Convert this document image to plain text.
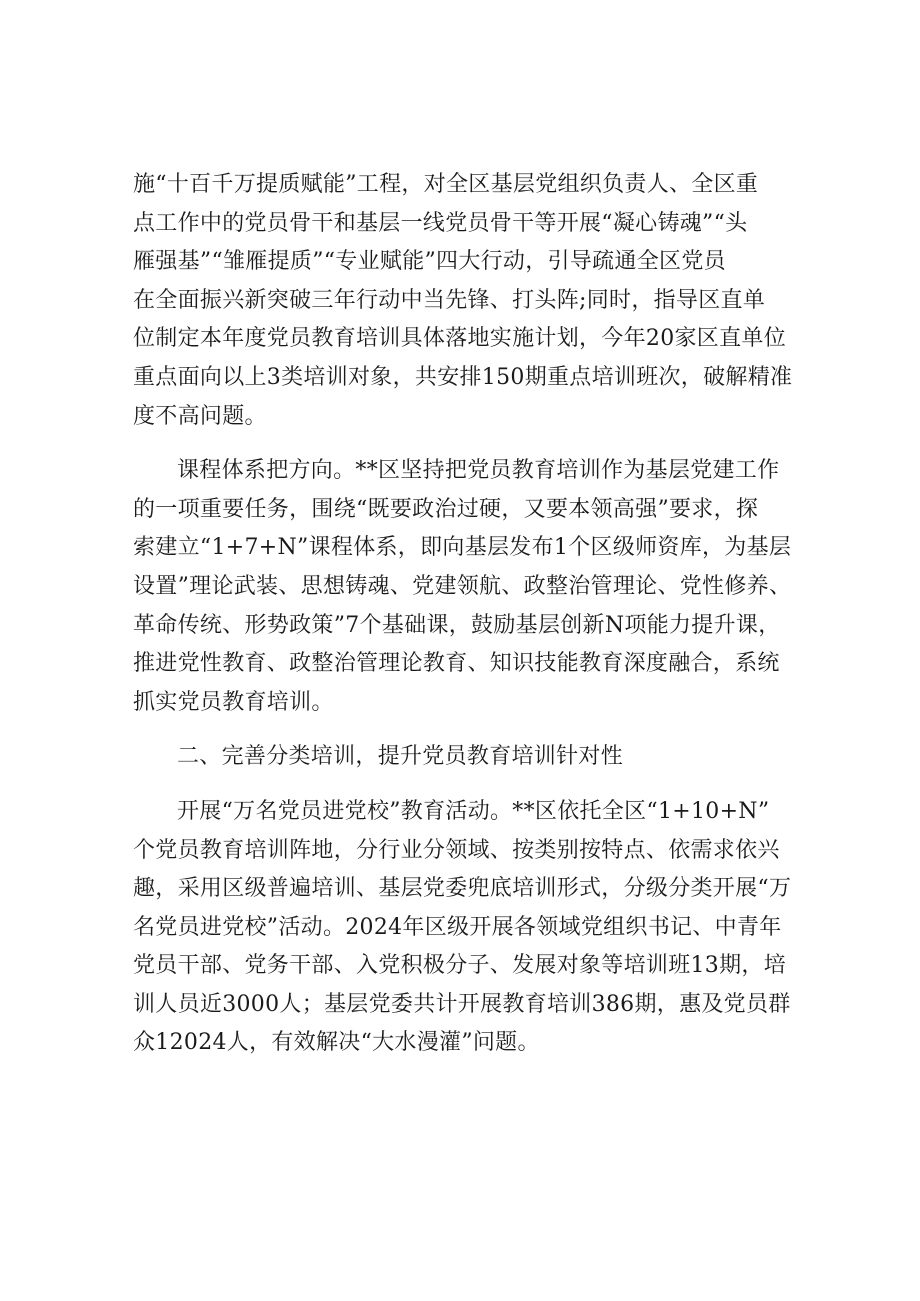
施“十百千万提质赋能”工程，对全区基层党组织负责人、全区重
点工作中的党员骨干和基层一线党员骨干等开展“凝心铸魂”“头
雁强基”“雏雁提质”“专业赋能”四大行动，引导疏通全区党员
在全面振兴新突破三年行动中当先锋、打头阵;同时，指导区直单
位制定本年度党员教育培训具体落地实施计划，今年20家区直单位
重点面向以上3类培训对象，共安排150期重点培训班次，破解精准
度不高问题。
课程体系把方向。**区坚持把党员教育培训作为基层党建工作
的一项重要任务，围绕“既要政治过硬，又要本领高强”要求，探
索建立“1+7+N”课程体系，即向基层发布1个区级师资库，为基层
设置”理论武装、思想铸魂、党建领航、政整治管理论、党性修养、
革命传统、形势政策”7个基础课，鼓励基层创新N项能力提升课，
推进党性教育、政整治管理论教育、知识技能教育深度融合，系统
抓实党员教育培训。
二、完善分类培训，提升党员教育培训针对性
开展“万名党员进党校”教育活动。**区依托全区“1+10+N”
个党员教育培训阵地，分行业分领域、按类别按特点、依需求依兴
趣，采用区级普遍培训、基层党委兜底培训形式，分级分类开展“万
名党员进党校”活动。2024年区级开展各领域党组织书记、中青年
党员干部、党务干部、入党积极分子、发展对象等培训班13期，培
训人员近3000人；基层党委共计开展教育培训386期，惠及党员群
众12024人，有效解决“大水漫灌”问题。
